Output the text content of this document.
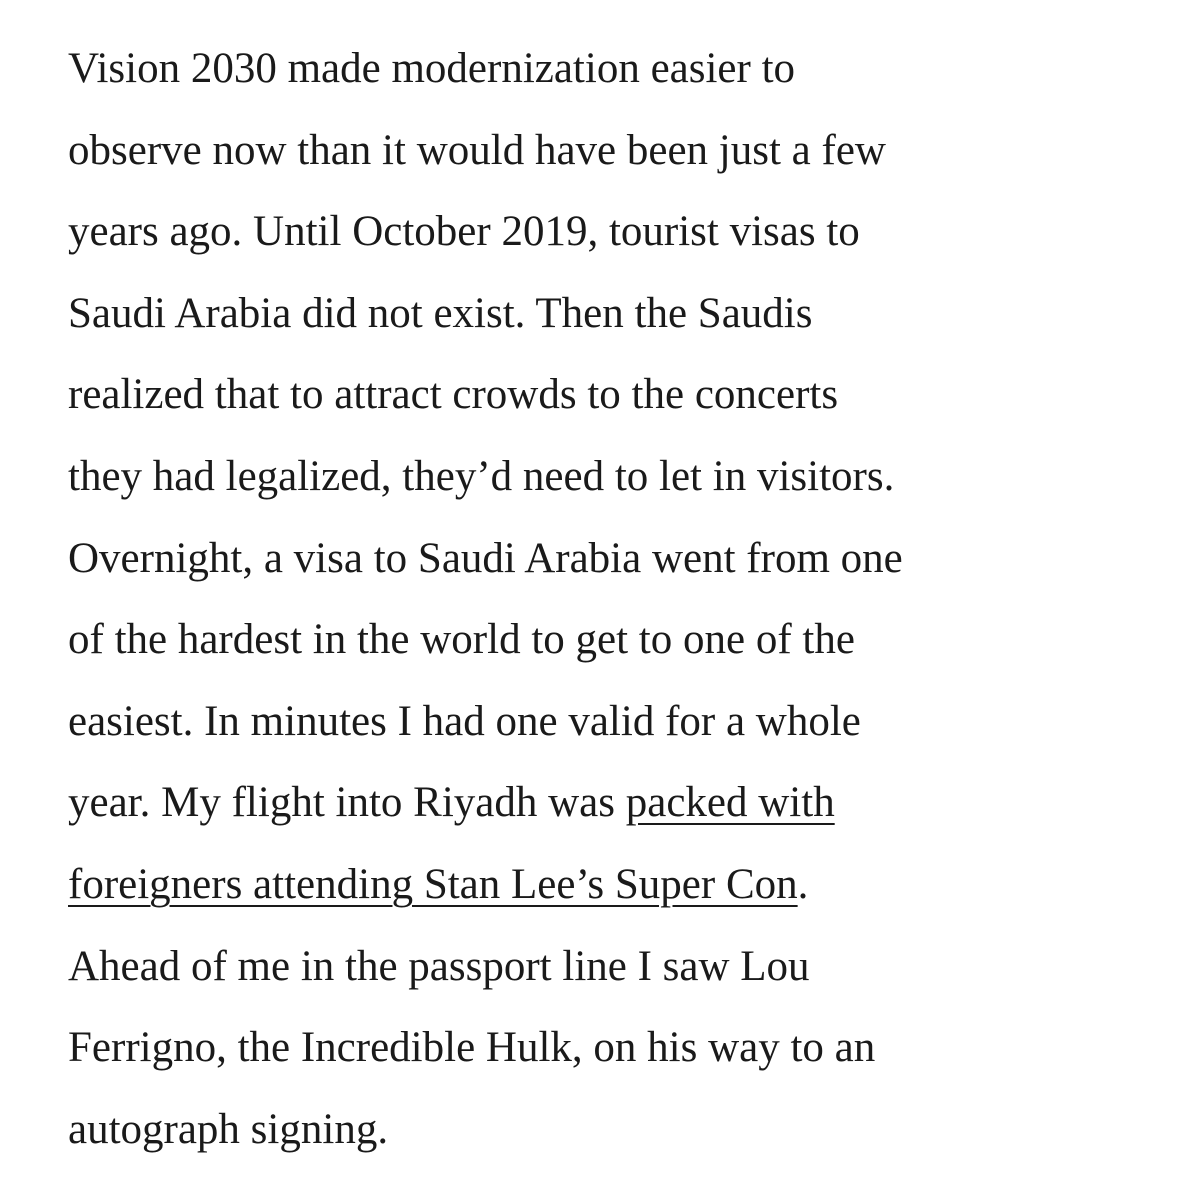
Vision 2030 made modernization easier to
observe now than it would have been just a few
years ago. Until October 2019, tourist visas to
Saudi Arabia did not exist. Then the Saudis
realized that to attract crowds to the concerts
they had legalized, they’d need to let in visitors.
Overnight, a visa to Saudi Arabia went from one
of the hardest in the world to get to one of the
easiest. In minutes I had one valid for a whole
year. My flight into Riyadh was packed with
foreigners attending Stan Lee’s Super Con.
Ahead of me in the passport line I saw Lou
Ferrigno, the Incredible Hulk, on his way to an
autograph signing.
